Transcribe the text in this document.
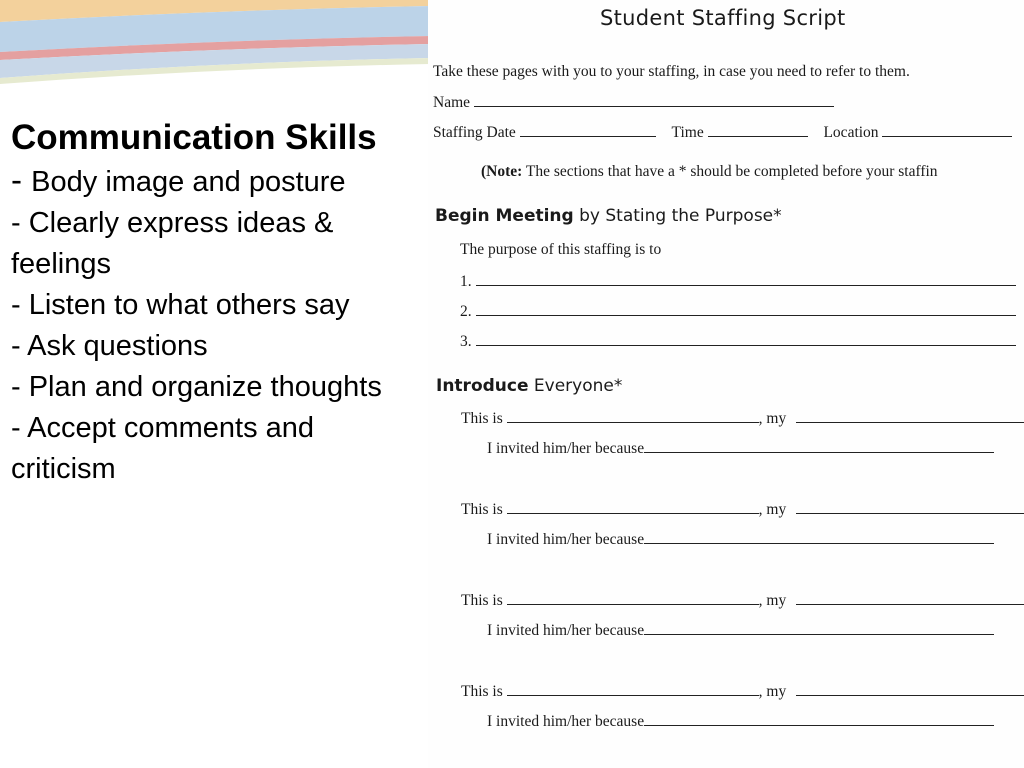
Communication Skills
- Body image and posture
- Clearly express ideas & feelings
- Listen to what others say
- Ask questions
- Plan and organize thoughts
- Accept comments and criticism
Student Staffing Script
Take these pages with you to your staffing, in case you need to refer to them.
Name
Staffing Date	Time	Location
(Note: The sections that have a * should be completed before your staffin
Begin Meeting by Stating the Purpose*
The purpose of this staffing is to
1.
2.
3.
Introduce Everyone*
This is	, my
I invited him/her because
This is	, my
I invited him/her because
This is	, my
I invited him/her because
This is	, my
I invited him/her because
